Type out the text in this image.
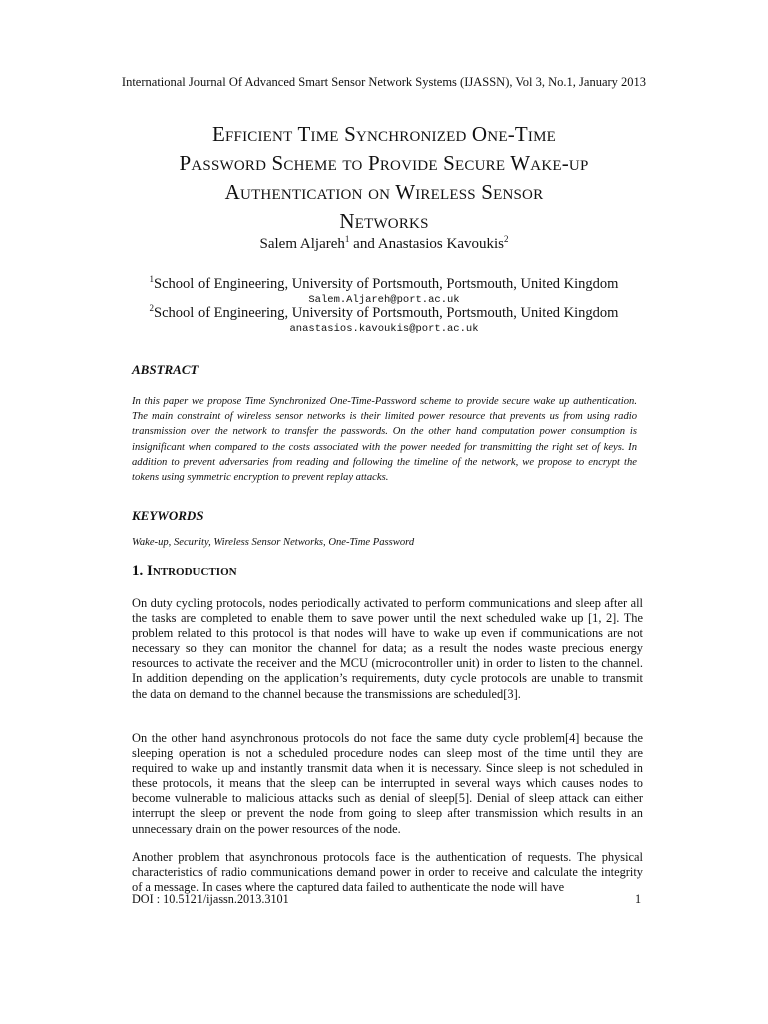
International Journal Of Advanced Smart Sensor Network Systems (IJASSN), Vol 3, No.1, January 2013
Efficient Time Synchronized One-Time
Password Scheme to Provide Secure Wake-up
Authentication on Wireless Sensor
Networks
Salem Aljareh$^1$ and Anastasios Kavoukis$^2$
$^1$School of Engineering, University of Portsmouth, Portsmouth, United Kingdom
Salem.Aljareh@port.ac.uk
$^2$School of Engineering, University of Portsmouth, Portsmouth, United Kingdom
anastasios.kavoukis@port.ac.uk
ABSTRACT
In this paper we propose Time Synchronized One-Time-Password scheme to provide secure wake up authentication. The main constraint of wireless sensor networks is their limited power resource that prevents us from using radio transmission over the network to transfer the passwords. On the other hand computation power consumption is insignificant when compared to the costs associated with the power needed for transmitting the right set of keys. In addition to prevent adversaries from reading and following the timeline of the network, we propose to encrypt the tokens using symmetric encryption to prevent replay attacks.
KEYWORDS
Wake-up, Security, Wireless Sensor Networks, One-Time Password
1. Introduction
On duty cycling protocols, nodes periodically activated to perform communications and sleep after all the tasks are completed to enable them to save power until the next scheduled wake up [1, 2]. The problem related to this protocol is that nodes will have to wake up even if communications are not necessary so they can monitor the channel for data; as a result the nodes waste precious energy resources to activate the receiver and the MCU (microcontroller unit) in order to listen to the channel. In addition depending on the application’s requirements, duty cycle protocols are unable to transmit the data on demand to the channel because the transmissions are scheduled[3].
On the other hand asynchronous protocols do not face the same duty cycle problem[4] because the sleeping operation is not a scheduled procedure nodes can sleep most of the time until they are required to wake up and instantly transmit data when it is necessary. Since sleep is not scheduled in these protocols, it means that the sleep can be interrupted in several ways which causes nodes to become vulnerable to malicious attacks such as denial of sleep[5]. Denial of sleep attack can either interrupt the sleep or prevent the node from going to sleep after transmission which results in an unnecessary drain on the power resources of the node.
Another problem that asynchronous protocols face is the authentication of requests. The physical characteristics of radio communications demand power in order to receive and calculate the integrity of a message. In cases where the captured data failed to authenticate the node will have
DOI : 10.5121/ijassn.2013.3101	1
